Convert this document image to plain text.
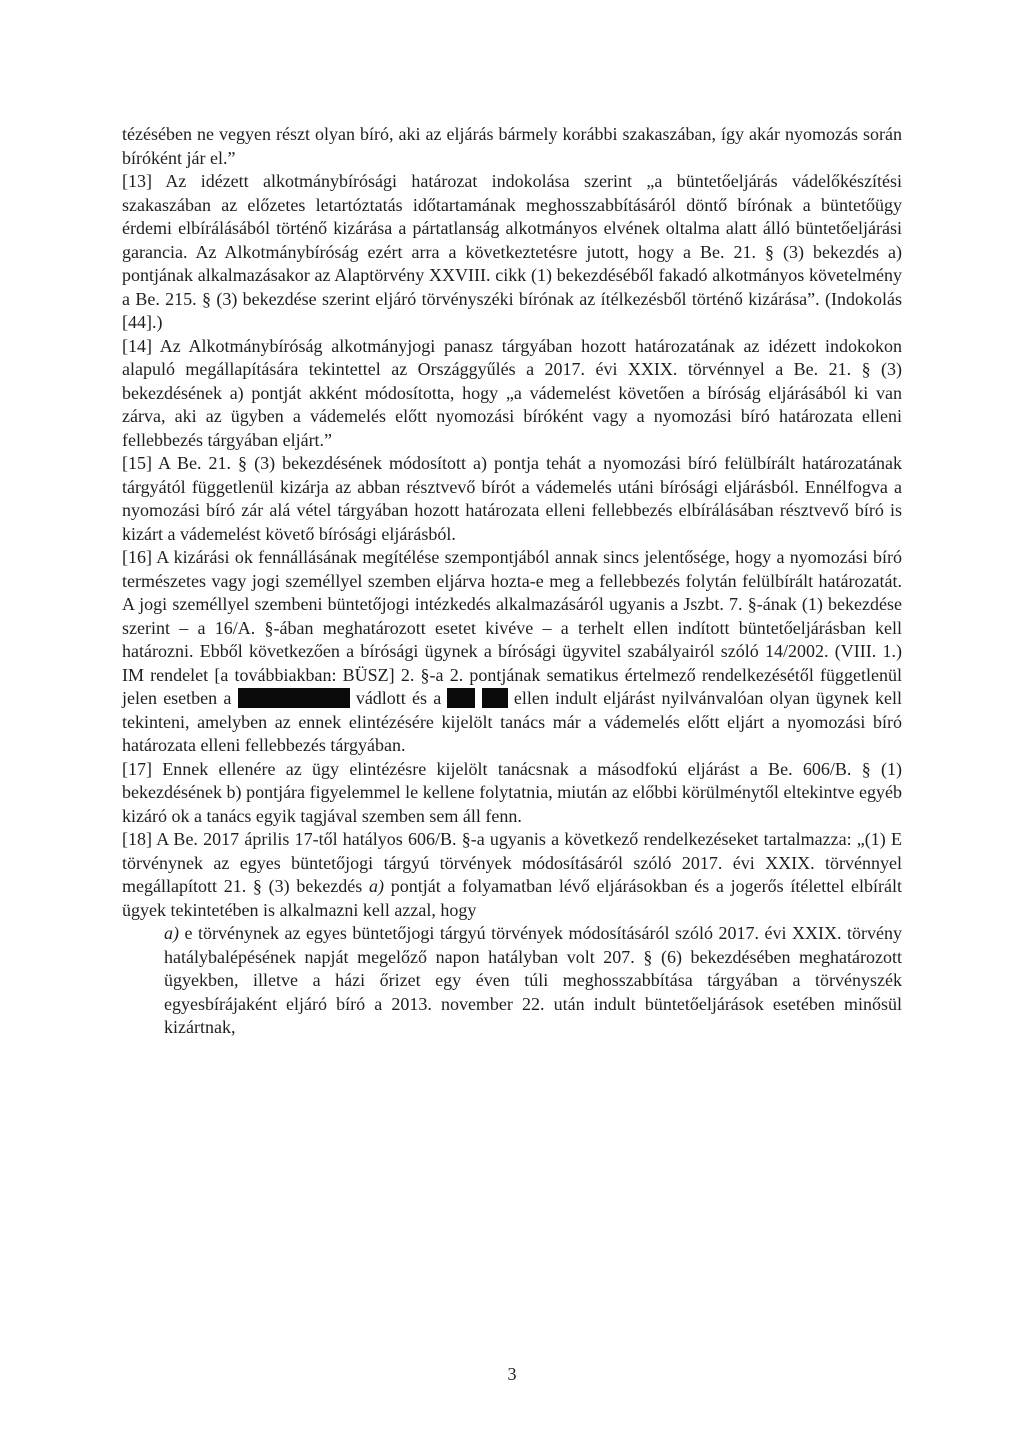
tézésében ne vegyen részt olyan bíró, aki az eljárás bármely korábbi szakaszában, így akár nyomozás során bíróként jár el.”

[13] Az idézett alkotmánybírósági határozat indokolása szerint „a büntetőeljárás vádelőkészítési szakaszában az előzetes letartóztatás időtartamának meghosszabbításáról döntő bírónak a büntetőügy érdemi elbírálásából történő kizárása a pártatlanság alkotmányos elvének oltalma alatt álló büntetőeljárási garancia. Az Alkotmánybíróság ezért arra a következtetésre jutott, hogy a Be. 21. § (3) bekezdés a) pontjának alkalmazásakor az Alaptörvény XXVIII. cikk (1) bekezdéséből fakadó alkotmányos követelmény a Be. 215. § (3) bekezdése szerint eljáró törvényszéki bírónak az ítélkezésből történő kizárása”. (Indokolás [44].)

[14] Az Alkotmánybíróság alkotmányjogi panasz tárgyában hozott határozatának az idézett indokokon alapuló megállapítására tekintettel az Országgyűlés a 2017. évi XXIX. törvénnyel a Be. 21. § (3) bekezdésének a) pontját akként módosította, hogy „a vádemelést követően a bíróság eljárásából ki van zárva, aki az ügyben a vádemelés előtt nyomozási bíróként vagy a nyomozási bíró határozata elleni fellebbezés tárgyában eljárt.”

[15] A Be. 21. § (3) bekezdésének módosított a) pontja tehát a nyomozási bíró felülbírált határozatának tárgyától függetlenül kizárja az abban résztvevő bírót a vádemelés utáni bírósági eljárásból. Ennélfogva a nyomozási bíró zár alá vétel tárgyában hozott határozata elleni fellebbezés elbírálásában résztvevő bíró is kizárt a vádemelést követő bírósági eljárásból.

[16] A kizárási ok fennállásának megítélése szempontjából annak sincs jelentősége, hogy a nyomozási bíró természetes vagy jogi személlyel szemben eljárva hozta-e meg a fellebbezés folytán felülbírált határozatát. A jogi személlyel szembeni büntetőjogi intézkedés alkalmazásáról ugyanis a Jszbt. 7. §-ának (1) bekezdése szerint – a 16/A. §-ában meghatározott esetet kivéve – a terhelt ellen indított büntetőeljárásban kell határozni. Ebből következően a bírósági ügynek a bírósági ügyvitel szabályairól szóló 14/2002. (VIII. 1.) IM rendelet [a továbbiakban: BÜSZ] 2. §-a 2. pontjának sematikus értelmező rendelkezésétől függetlenül jelen esetben a	vádlott és a	ellen indult eljárást nyilvánvalóan olyan ügynek kell tekinteni, amelyben az ennek elintézésére kijelölt tanács már a vádemelés előtt eljárt a nyomozási bíró határozata elleni fellebbezés tárgyában.

[17] Ennek ellenére az ügy elintézésre kijelölt tanácsnak a másodfokú eljárást a Be. 606/B. § (1) bekezdésének b) pontjára figyelemmel le kellene folytatnia, miután az előbbi körülménytől eltekintve egyéb kizáró ok a tanács egyik tagjával szemben sem áll fenn.

[18] A Be. 2017 április 17-től hatályos 606/B. §-a ugyanis a következő rendelkezéseket tartalmazza: „(1) E törvénynek az egyes büntetőjogi tárgyú törvények módosításáról szóló 2017. évi XXIX. törvénnyel megállapított 21. § (3) bekezdés a) pontját a folyamatban lévő eljárásokban és a jogerős ítélettel elbírált ügyek tekintetében is alkalmazni kell azzal, hogy

a) e törvénynek az egyes büntetőjogi tárgyú törvények módosításáról szóló 2017. évi XXIX. törvény hatálybalépésének napját megelőző napon hatályban volt 207. § (6) bekezdésében meghatározott ügyekben, illetve a házi őrizet egy éven túli meghosszabbítása tárgyában a törvényszék egyesbírájaként eljáró bíró a 2013. november 22. után indult büntetőeljárások esetében minősül kizártnak,

3
